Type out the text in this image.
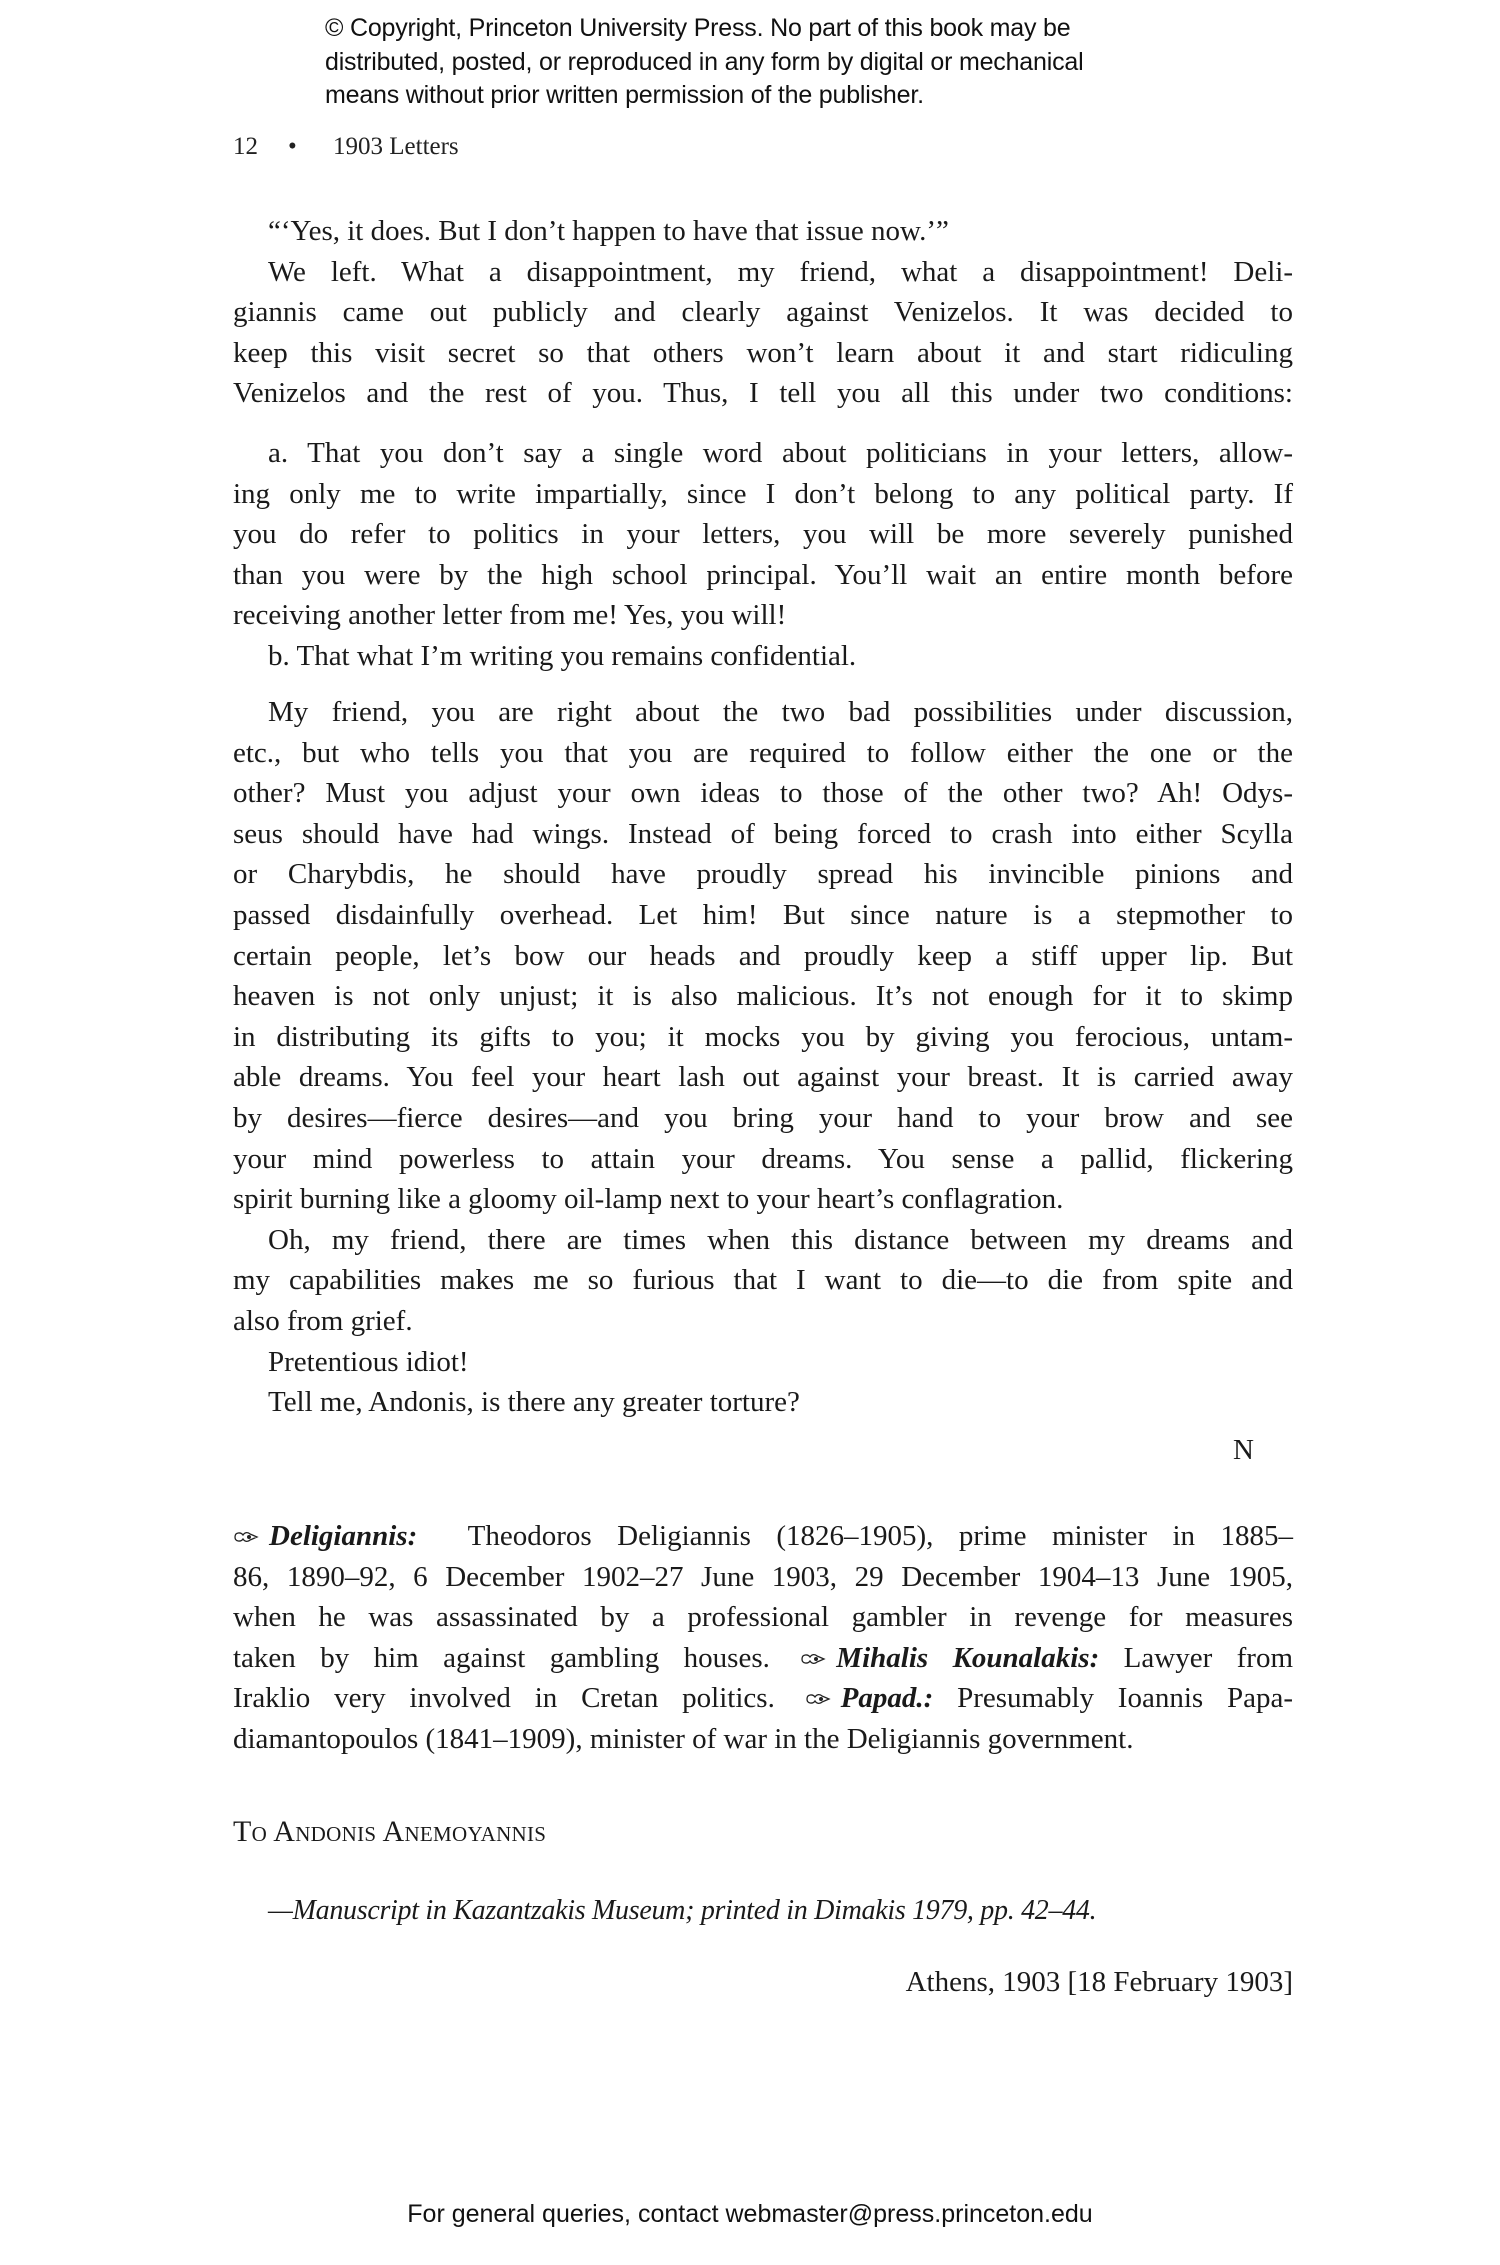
© Copyright, Princeton University Press. No part of this book may be
distributed, posted, or reproduced in any form by digital or mechanical
means without prior written permission of the publisher.
12 • 1903 Letters
“‘Yes, it does. But I don’t happen to have that issue now.’”
We left. What a disappointment, my friend, what a disappointment! Deli-
giannis came out publicly and clearly against Venizelos. It was decided to
keep this visit secret so that others won’t learn about it and start ridiculing
Venizelos and the rest of you. Thus, I tell you all this under two conditions:
a. That you don’t say a single word about politicians in your letters, allow-
ing only me to write impartially, since I don’t belong to any political party. If
you do refer to politics in your letters, you will be more severely punished
than you were by the high school principal. You’ll wait an entire month before
receiving another letter from me! Yes, you will!
b. That what I’m writing you remains confidential.
My friend, you are right about the two bad possibilities under discussion,
etc., but who tells you that you are required to follow either the one or the
other? Must you adjust your own ideas to those of the other two? Ah! Odys-
seus should have had wings. Instead of being forced to crash into either Scylla
or Charybdis, he should have proudly spread his invincible pinions and
passed disdainfully overhead. Let him! But since nature is a stepmother to
certain people, let’s bow our heads and proudly keep a stiff upper lip. But
heaven is not only unjust; it is also malicious. It’s not enough for it to skimp
in distributing its gifts to you; it mocks you by giving you ferocious, untam-
able dreams. You feel your heart lash out against your breast. It is carried away
by desires—fierce desires—and you bring your hand to your brow and see
your mind powerless to attain your dreams. You sense a pallid, flickering
spirit burning like a gloomy oil-lamp next to your heart’s conflagration.
Oh, my friend, there are times when this distance between my dreams and
my capabilities makes me so furious that I want to die—to die from spite and
also from grief.
Pretentious idiot!
Tell me, Andonis, is there any greater torture?
N
Deligiannis: Theodoros Deligiannis (1826–1905), prime minister in 1885–
86, 1890–92, 6 December 1902–27 June 1903, 29 December 1904–13 June 1905,
when he was assassinated by a professional gambler in revenge for measures
taken by him against gambling houses. Mihalis Kounalakis: Lawyer from
Iraklio very involved in Cretan politics. Papad.: Presumably Ioannis Papa-
diamantopoulos (1841–1909), minister of war in the Deligiannis government.
To Andonis Anemoyannis
—Manuscript in Kazantzakis Museum; printed in Dimakis 1979, pp. 42–44.
Athens, 1903 [18 February 1903]
For general queries, contact webmaster@press.princeton.edu
